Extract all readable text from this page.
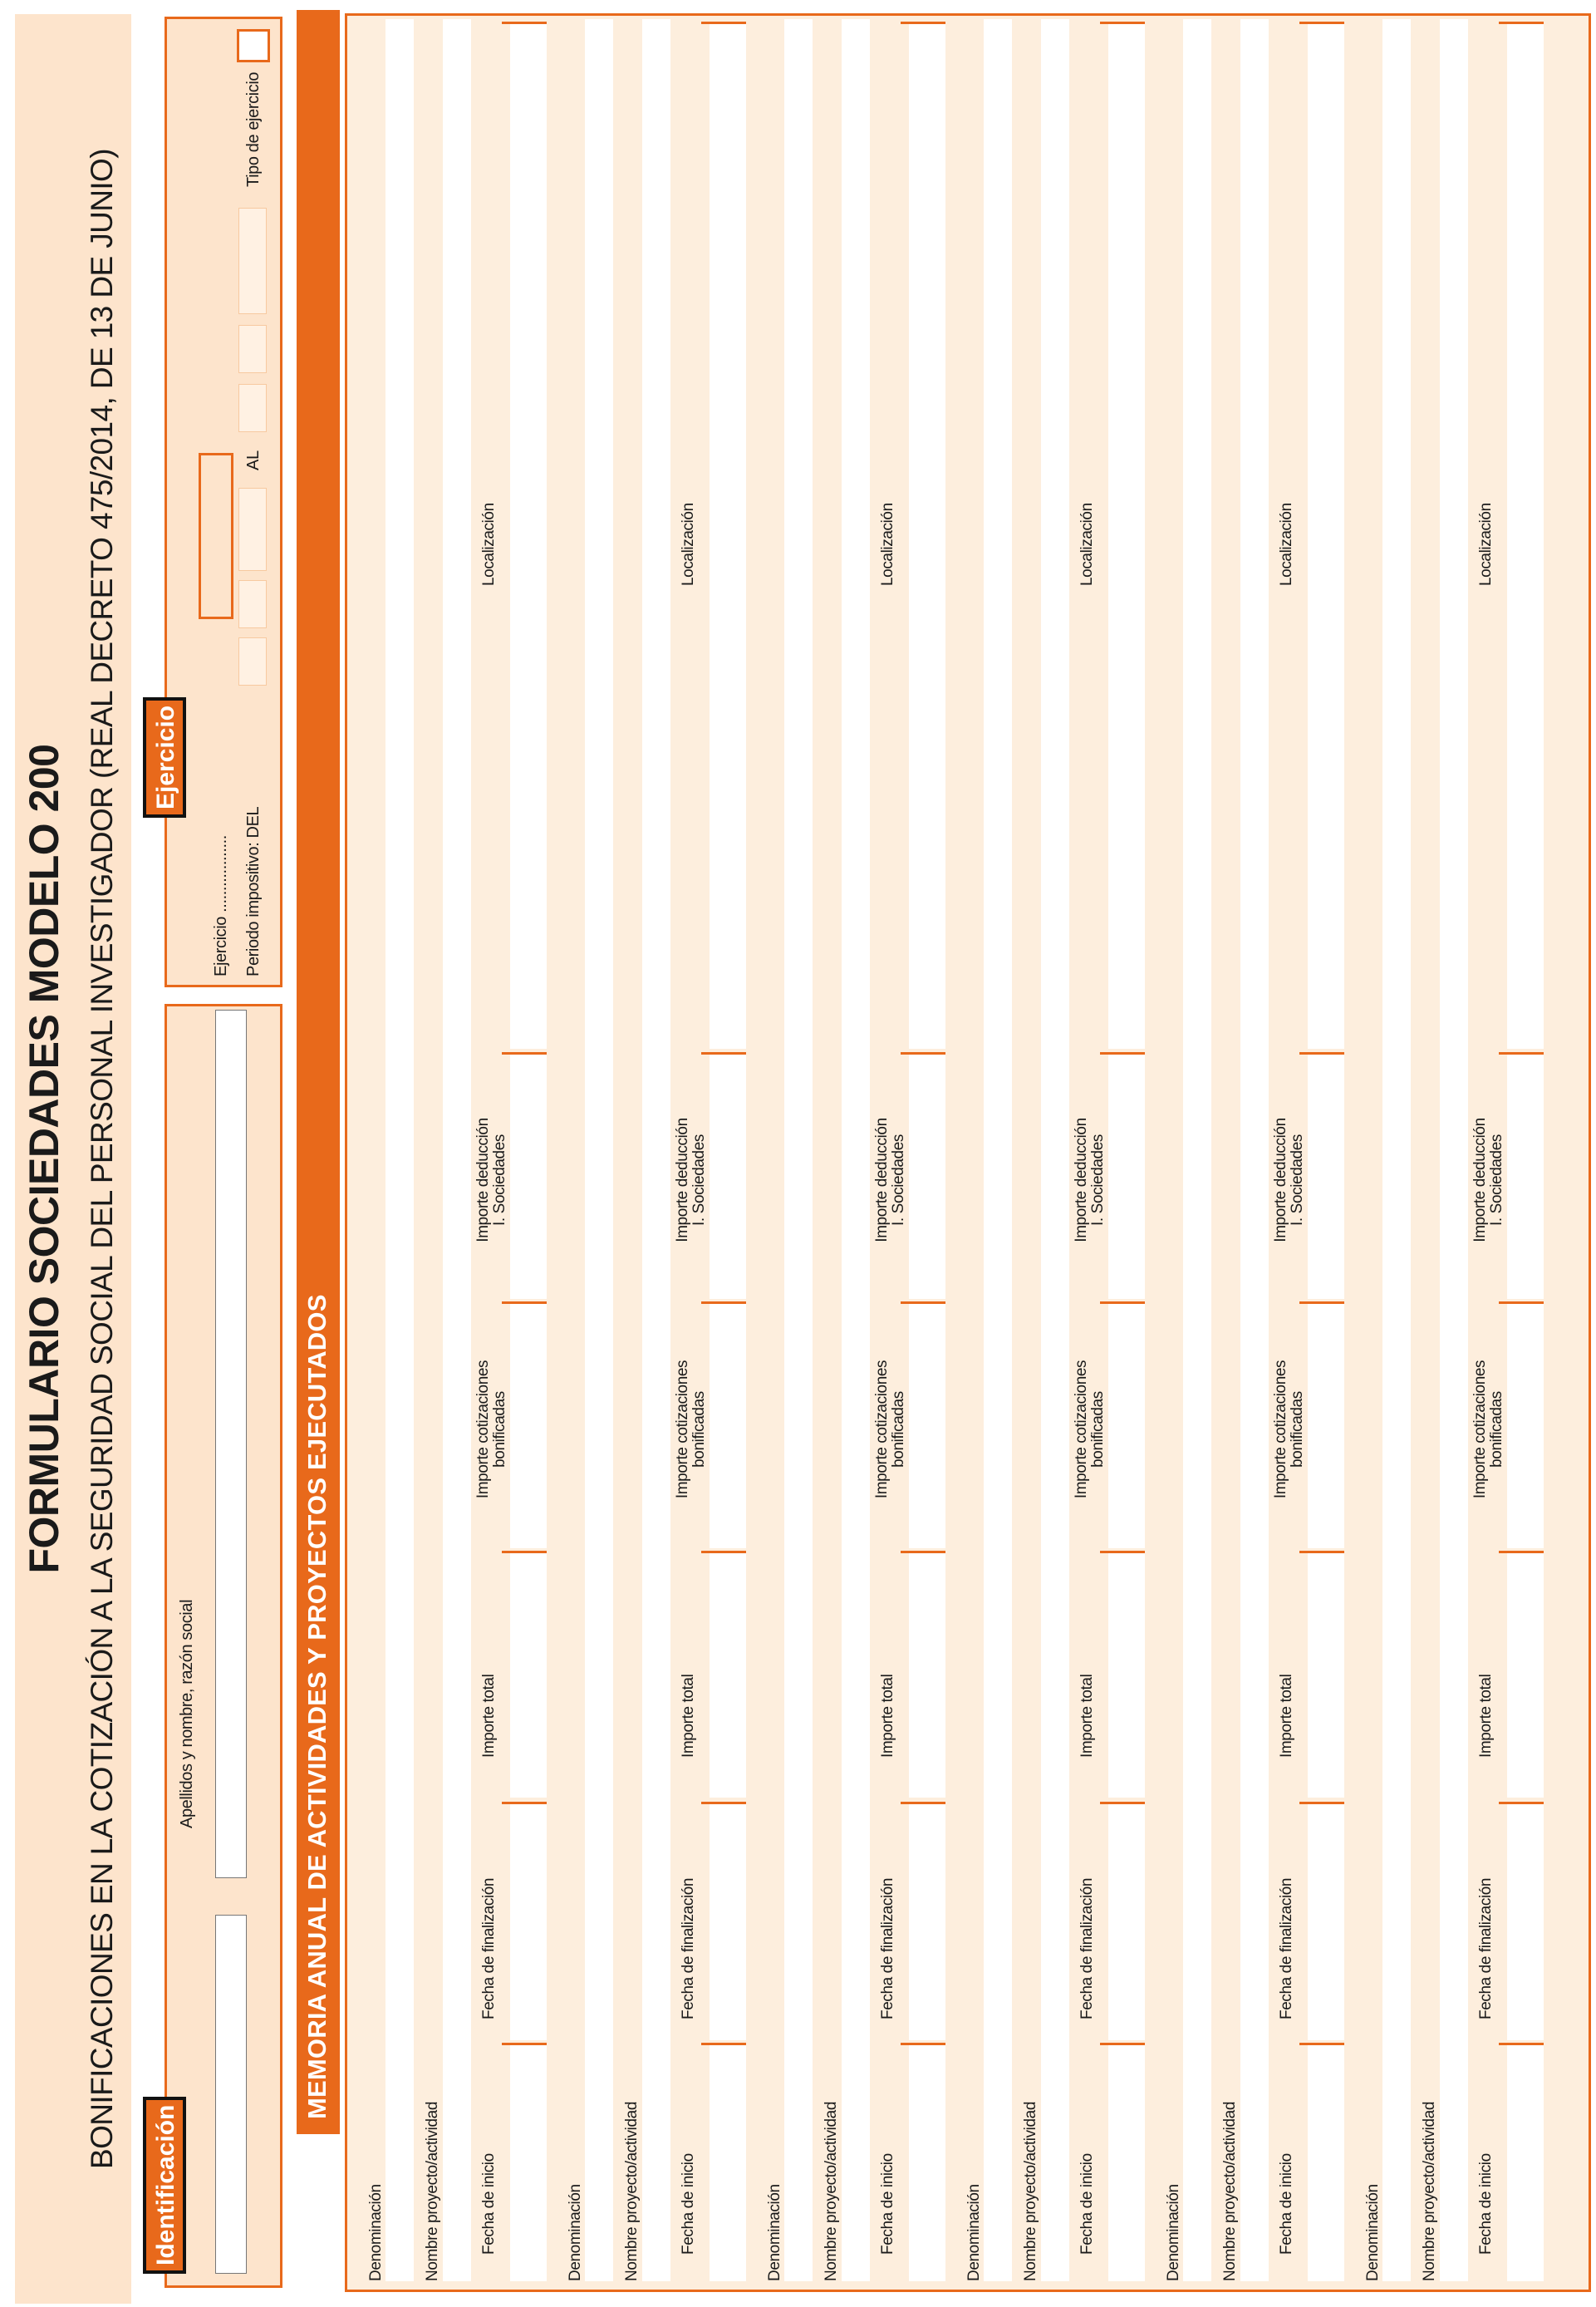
FORMULARIO SOCIEDADES MODELO 200 BONIFICACIONES EN LA COTIZACIÓN A LA SEGURIDAD SOCIAL DEL PERSONAL INVESTIGADOR (REAL DECRETO 475/2014, DE 13 DE JUNIO)	Apellidos y nombre, razón social
Identificación
Ejercicio .................. Periodo impositivo: DEL
AL
Tipo de ejercicio
Ejercicio
MEMORIA ANUAL DE ACTIVIDADES Y PROYECTOS EJECUTADOS
Denominación Nombre proyecto/actividad Fecha de inicio
Fecha de finalización
Importe total
Importe cotizaciones bonificadas
Importe deducción I. Sociedades
Localización
Denominación Nombre proyecto/actividad Fecha de inicio
Fecha de finalización
Importe total
Importe cotizaciones bonificadas
Importe deducción I. Sociedades
Localización
Denominación Nombre proyecto/actividad Fecha de inicio
Fecha de finalización
Importe total
Importe cotizaciones bonificadas
Importe deducción I. Sociedades
Localización
Denominación Nombre proyecto/actividad Fecha de inicio
Fecha de finalización
Importe total
Importe cotizaciones bonificadas
Importe deducción I. Sociedades
Localización
Denominación Nombre proyecto/actividad Fecha de inicio
Fecha de finalización
Importe total
Importe cotizaciones bonificadas
Importe deducción I. Sociedades
Localización
Denominación Nombre proyecto/actividad Fecha de inicio
Fecha de finalización
Importe total
Importe cotizaciones bonificadas
Importe deducción I. Sociedades
Localización
